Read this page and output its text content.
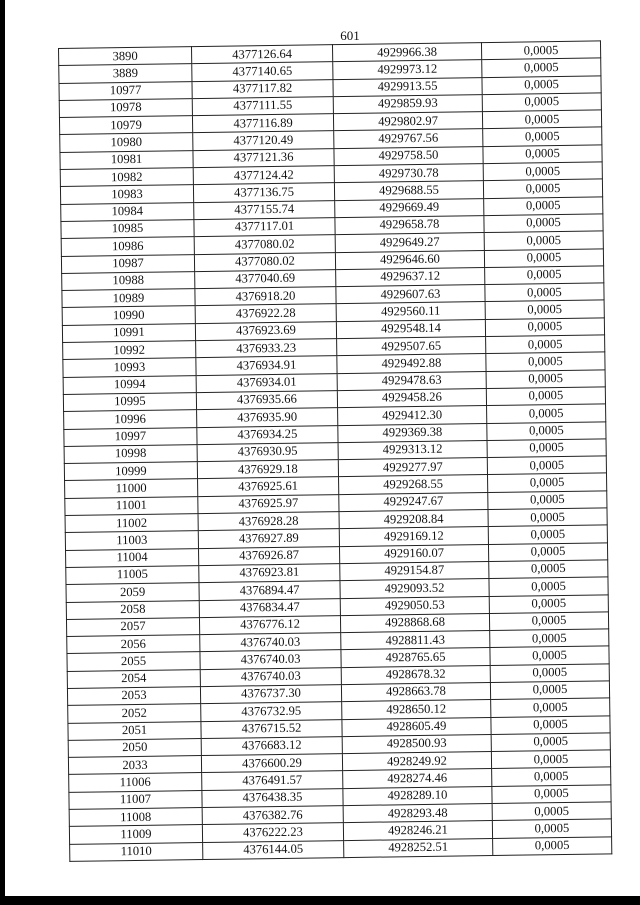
601
3890	4377126.64	4929966.38	0,0005
3889	4377140.65	4929973.12	0,0005
10977	4377117.82	4929913.55	0,0005
10978	4377111.55	4929859.93	0,0005
10979	4377116.89	4929802.97	0,0005
10980	4377120.49	4929767.56	0,0005
10981	4377121.36	4929758.50	0,0005
10982	4377124.42	4929730.78	0,0005
10983	4377136.75	4929688.55	0,0005
10984	4377155.74	4929669.49	0,0005
10985	4377117.01	4929658.78	0,0005
10986	4377080.02	4929649.27	0,0005
10987	4377080.02	4929646.60	0,0005
10988	4377040.69	4929637.12	0,0005
10989	4376918.20	4929607.63	0,0005
10990	4376922.28	4929560.11	0,0005
10991	4376923.69	4929548.14	0,0005
10992	4376933.23	4929507.65	0,0005
10993	4376934.91	4929492.88	0,0005
10994	4376934.01	4929478.63	0,0005
10995	4376935.66	4929458.26	0,0005
10996	4376935.90	4929412.30	0,0005
10997	4376934.25	4929369.38	0,0005
10998	4376930.95	4929313.12	0,0005
10999	4376929.18	4929277.97	0,0005
11000	4376925.61	4929268.55	0,0005
11001	4376925.97	4929247.67	0,0005
11002	4376928.28	4929208.84	0,0005
11003	4376927.89	4929169.12	0,0005
11004	4376926.87	4929160.07	0,0005
11005	4376923.81	4929154.87	0,0005
2059	4376894.47	4929093.52	0,0005
2058	4376834.47	4929050.53	0,0005
2057	4376776.12	4928868.68	0,0005
2056	4376740.03	4928811.43	0,0005
2055	4376740.03	4928765.65	0,0005
2054	4376740.03	4928678.32	0,0005
2053	4376737.30	4928663.78	0,0005
2052	4376732.95	4928650.12	0,0005
2051	4376715.52	4928605.49	0,0005
2050	4376683.12	4928500.93	0,0005
2033	4376600.29	4928249.92	0,0005
11006	4376491.57	4928274.46	0,0005
11007	4376438.35	4928289.10	0,0005
11008	4376382.76	4928293.48	0,0005
11009	4376222.23	4928246.21	0,0005
11010	4376144.05	4928252.51	0,0005
